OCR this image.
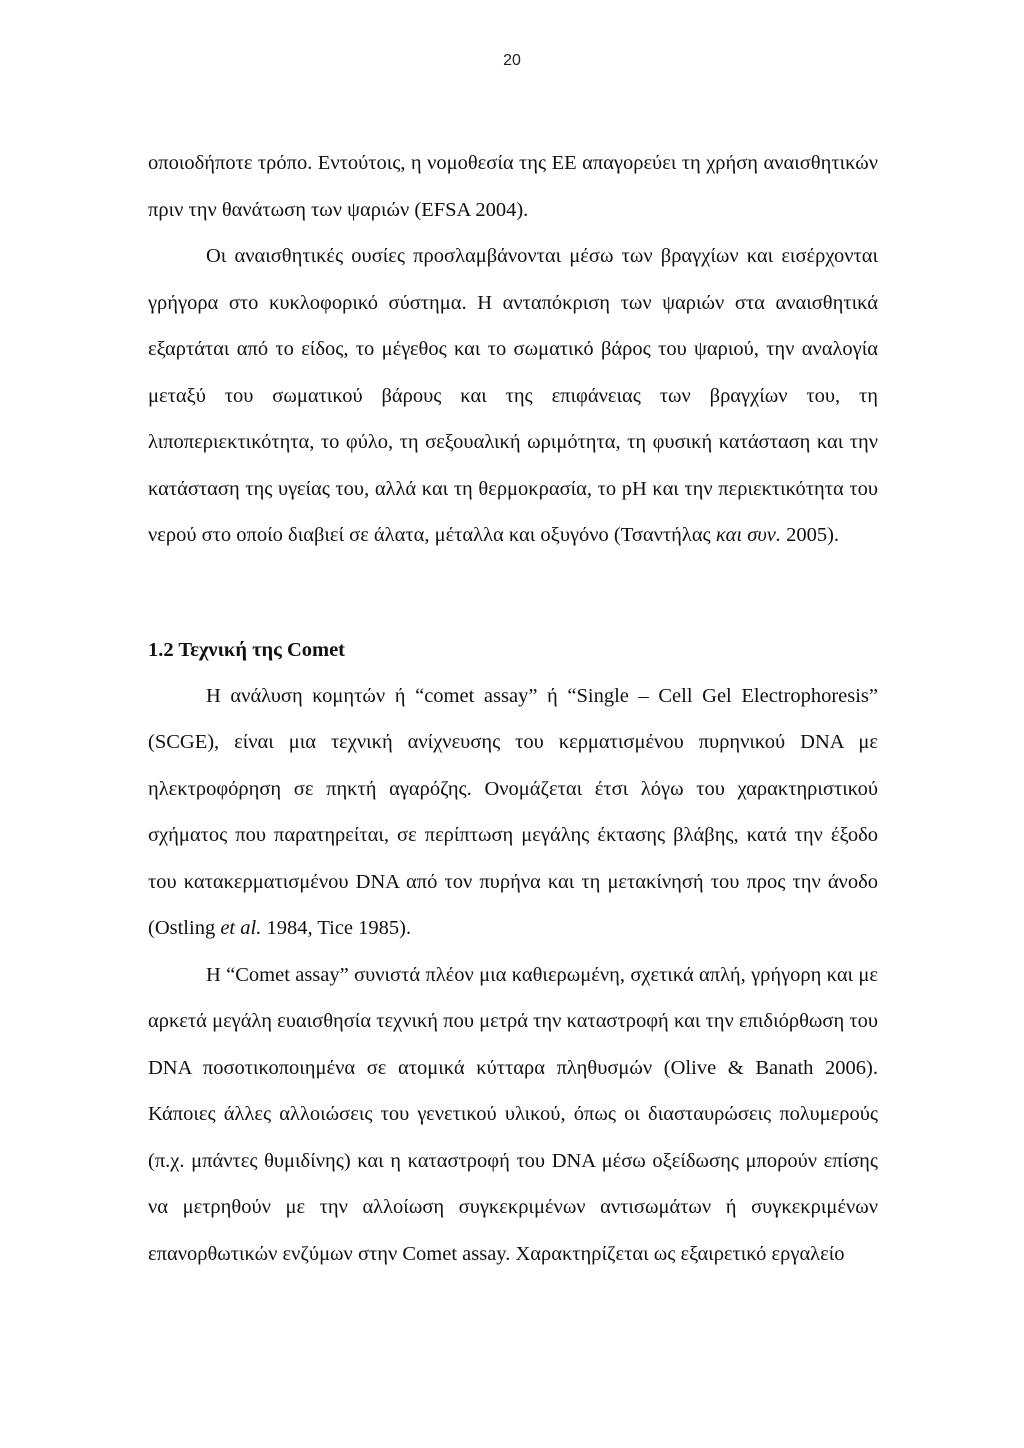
20

οποιοδήποτε τρόπο. Εντούτοις, η νομοθεσία της ΕΕ απαγορεύει τη χρήση αναισθητικών πριν την θανάτωση των ψαριών (EFSA 2004).

Οι αναισθητικές ουσίες προσλαμβάνονται μέσω των βραγχίων και εισέρχονται γρήγορα στο κυκλοφορικό σύστημα. Η ανταπόκριση των ψαριών στα αναισθητικά εξαρτάται από το είδος, το μέγεθος και το σωματικό βάρος του ψαριού, την αναλογία μεταξύ του σωματικού βάρους και της επιφάνειας των βραγχίων του, τη λιποπεριεκτικότητα, το φύλο, τη σεξουαλική ωριμότητα, τη φυσική κατάσταση και την κατάσταση της υγείας του, αλλά και τη θερμοκρασία, το pH και την περιεκτικότητα του νερού στο οποίο διαβιεί σε άλατα, μέταλλα και οξυγόνο (Τσαντήλας και συν. 2005).

1.2 Τεχνική της Comet

Η ανάλυση κομητών ή “comet assay” ή “Single – Cell Gel Electrophoresis” (SCGE), είναι μια τεχνική ανίχνευσης του κερματισμένου πυρηνικού DNA με ηλεκτροφόρηση σε πηκτή αγαρόζης. Ονομάζεται έτσι λόγω του χαρακτηριστικού σχήματος που παρατηρείται, σε περίπτωση μεγάλης έκτασης βλάβης, κατά την έξοδο του κατακερματισμένου DNA από τον πυρήνα και τη μετακίνησή του προς την άνοδο (Ostling et al. 1984, Tice 1985).

Η “Comet assay” συνιστά πλέον μια καθιερωμένη, σχετικά απλή, γρήγορη και με αρκετά μεγάλη ευαισθησία τεχνική που μετρά την καταστροφή και την επιδιόρθωση του DNA ποσοτικοποιημένα σε ατομικά κύτταρα πληθυσμών (Olive & Banath 2006). Κάποιες άλλες αλλοιώσεις του γενετικού υλικού, όπως οι διασταυρώσεις πολυμερούς (π.χ. μπάντες θυμιδίνης) και η καταστροφή του DNA μέσω οξείδωσης μπορούν επίσης να μετρηθούν με την αλλοίωση συγκεκριμένων αντισωμάτων ή συγκεκριμένων επανορθωτικών ενζύμων στην Comet assay. Χαρακτηρίζεται ως εξαιρετικό εργαλείο
